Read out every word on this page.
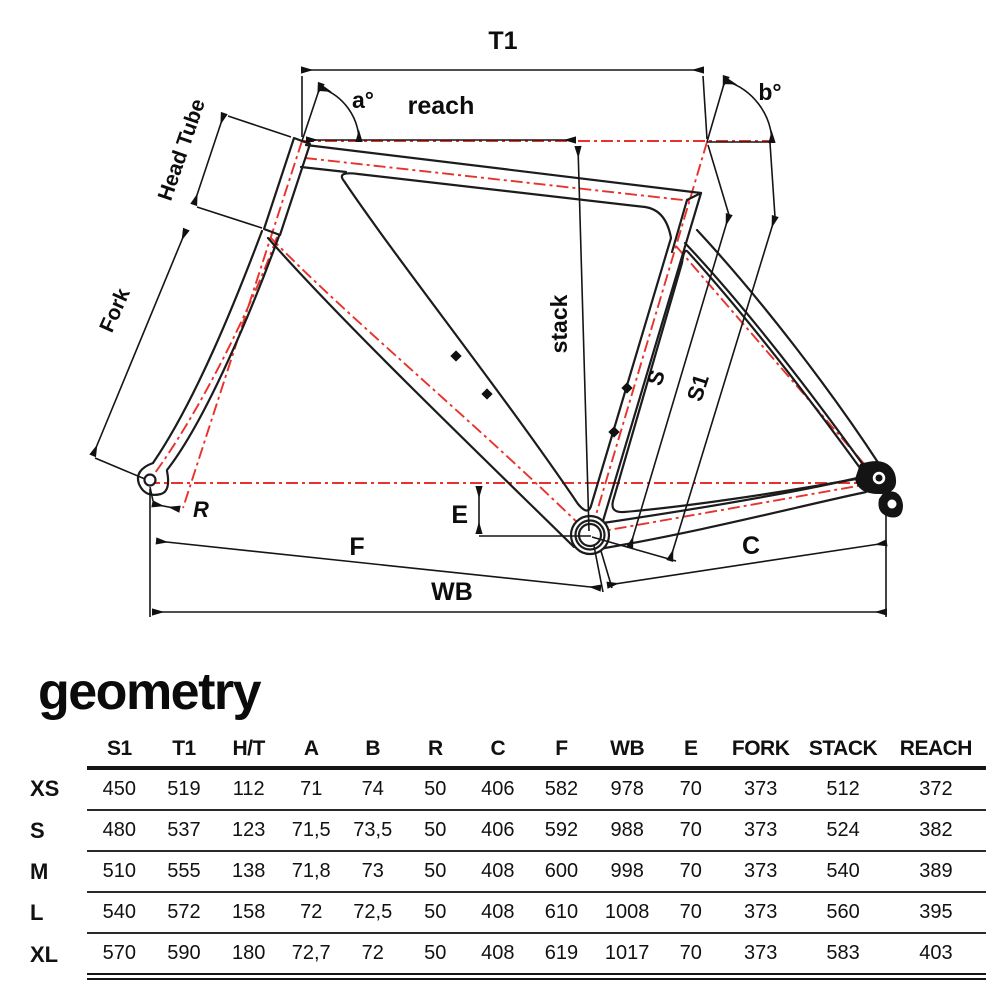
T1
a° reach	b°
Head Tube
Fork	stack
S S1
R	E
F	C
WB
geometry
	S1	T1	H/T	A	B	R	C	F	WB	E	FORK	STACK	REACH
XS	450	519	112	71	74	50	406	582	978	70	373	512	372
S	480	537	123	71,5	73,5	50	406	592	988	70	373	524	382
M	510	555	138	71,8	73	50	408	600	998	70	373	540	389
L	540	572	158	72	72,5	50	408	610	1008	70	373	560	395
XL	570	590	180	72,7	72	50	408	619	1017	70	373	583	403
